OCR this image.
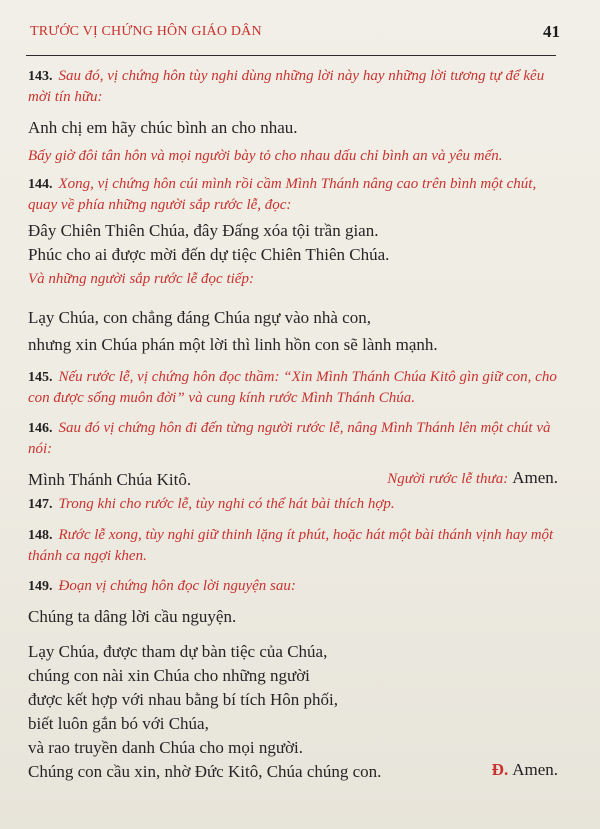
TRƯỚC VỊ CHỨNG HÔN GIÁO DÂN	41

143. Sau đó, vị chứng hôn tùy nghi dùng những lời này hay những lời tương tự để kêu mời tín hữu:

Anh chị em hãy chúc bình an cho nhau.

Bấy giờ đôi tân hôn và mọi người bày tỏ cho nhau dấu chỉ bình an và yêu mến.

144. Xong, vị chứng hôn cúi mình rồi cầm Mình Thánh nâng cao trên bình một chút, quay về phía những người sắp rước lễ, đọc:

Đây Chiên Thiên Chúa, đây Đấng xóa tội trần gian.

Phúc cho ai được mời đến dự tiệc Chiên Thiên Chúa.

Và những người sắp rước lễ đọc tiếp:

Lạy Chúa, con chẳng đáng Chúa ngự vào nhà con,

nhưng xin Chúa phán một lời thì linh hồn con sẽ lành mạnh.

145. Nếu rước lễ, vị chứng hôn đọc thầm: “Xin Mình Thánh Chúa Kitô gìn giữ con, cho con được sống muôn đời” và cung kính rước Mình Thánh Chúa.

146. Sau đó vị chứng hôn đi đến từng người rước lễ, nâng Mình Thánh lên một chút và nói:

Mình Thánh Chúa Kitô.	Người rước lễ thưa: Amen.

147. Trong khi cho rước lễ, tùy nghi có thể hát bài thích hợp.

148. Rước lễ xong, tùy nghi giữ thinh lặng ít phút, hoặc hát một bài thánh vịnh hay một thánh ca ngợi khen.

149. Đoạn vị chứng hôn đọc lời nguyện sau:

Chúng ta dâng lời cầu nguyện.

Lạy Chúa, được tham dự bàn tiệc của Chúa,

chúng con nài xin Chúa cho những người

được kết hợp với nhau bằng bí tích Hôn phối,

biết luôn gắn bó với Chúa,

và rao truyền danh Chúa cho mọi người.

Chúng con cầu xin, nhờ Đức Kitô, Chúa chúng con.	Đ. Amen.
